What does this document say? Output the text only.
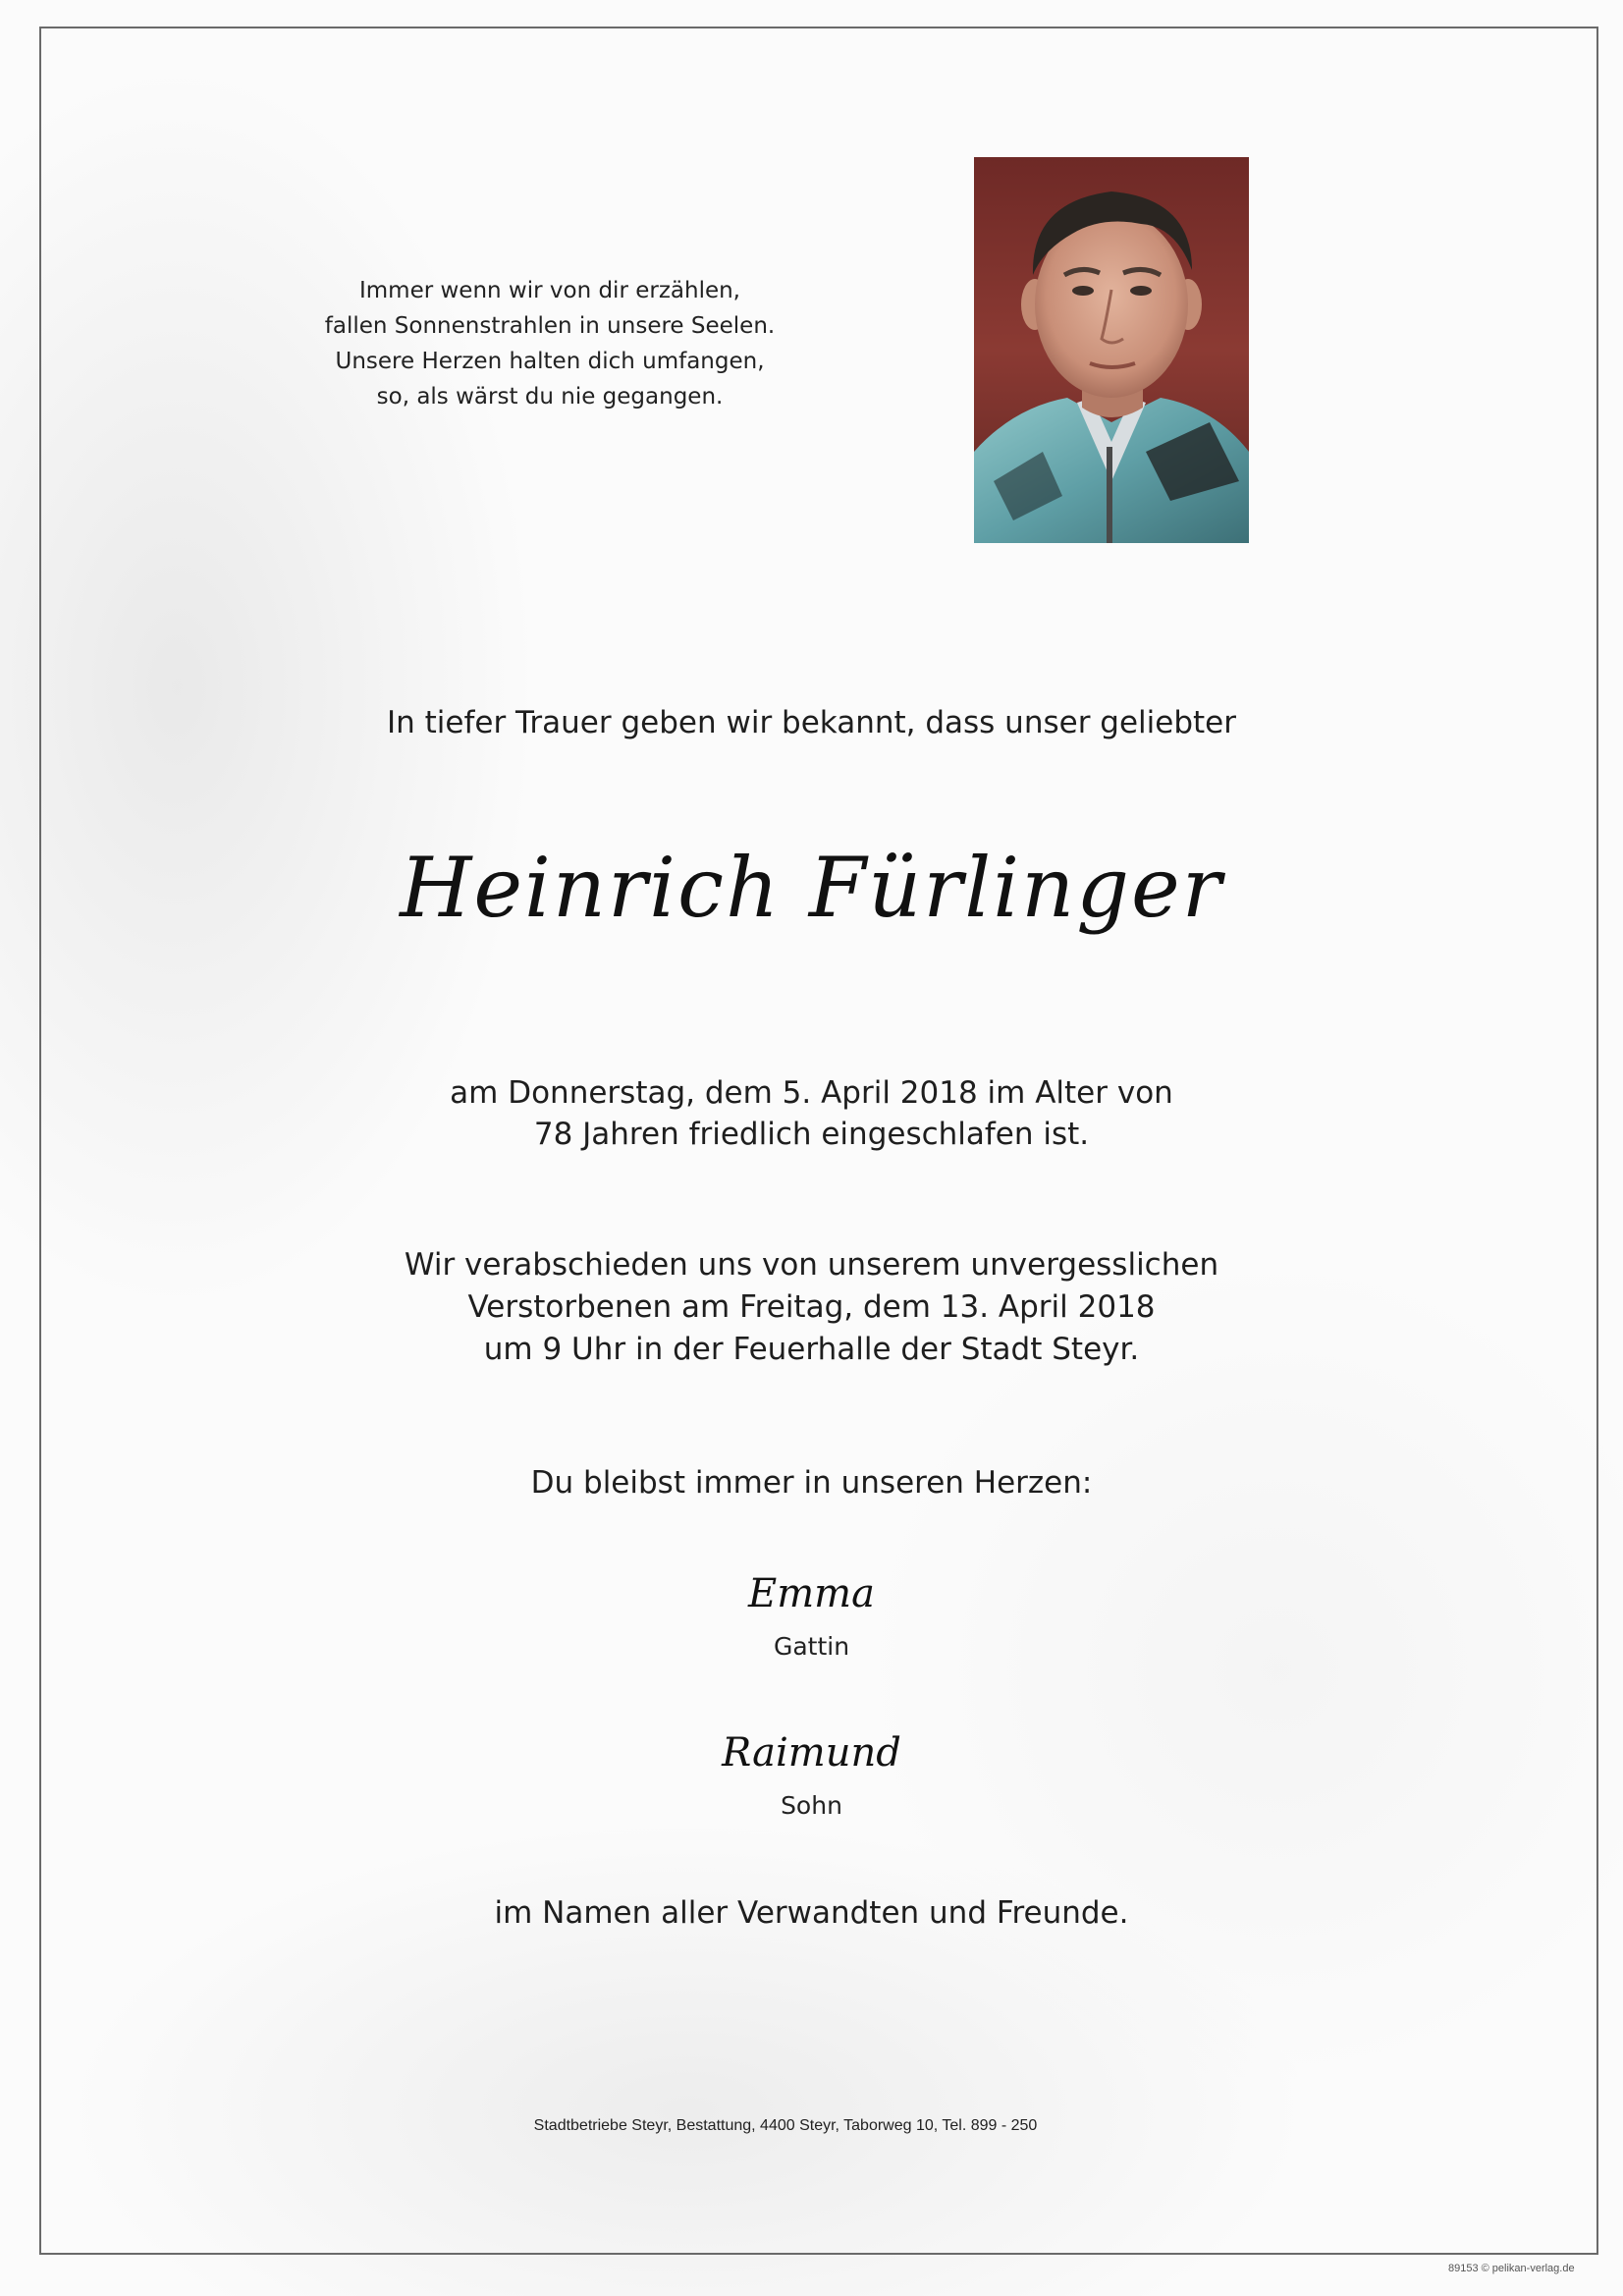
Immer wenn wir von dir erzählen,
fallen Sonnenstrahlen in unsere Seelen.
Unsere Herzen halten dich umfangen,
so, als wärst du nie gegangen.
In tiefer Trauer geben wir bekannt, dass unser geliebter
Heinrich Fürlinger
am Donnerstag, dem 5. April 2018 im Alter von
78 Jahren friedlich eingeschlafen ist.
Wir verabschieden uns von unserem unvergesslichen
Verstorbenen am Freitag, dem 13. April 2018
um 9 Uhr in der Feuerhalle der Stadt Steyr.
Du bleibst immer in unseren Herzen:
Emma
Gattin
Raimund
Sohn
im Namen aller Verwandten und Freunde.
Stadtbetriebe Steyr, Bestattung, 4400 Steyr, Taborweg 10, Tel. 899 - 250
89153 © pelikan-verlag.de
